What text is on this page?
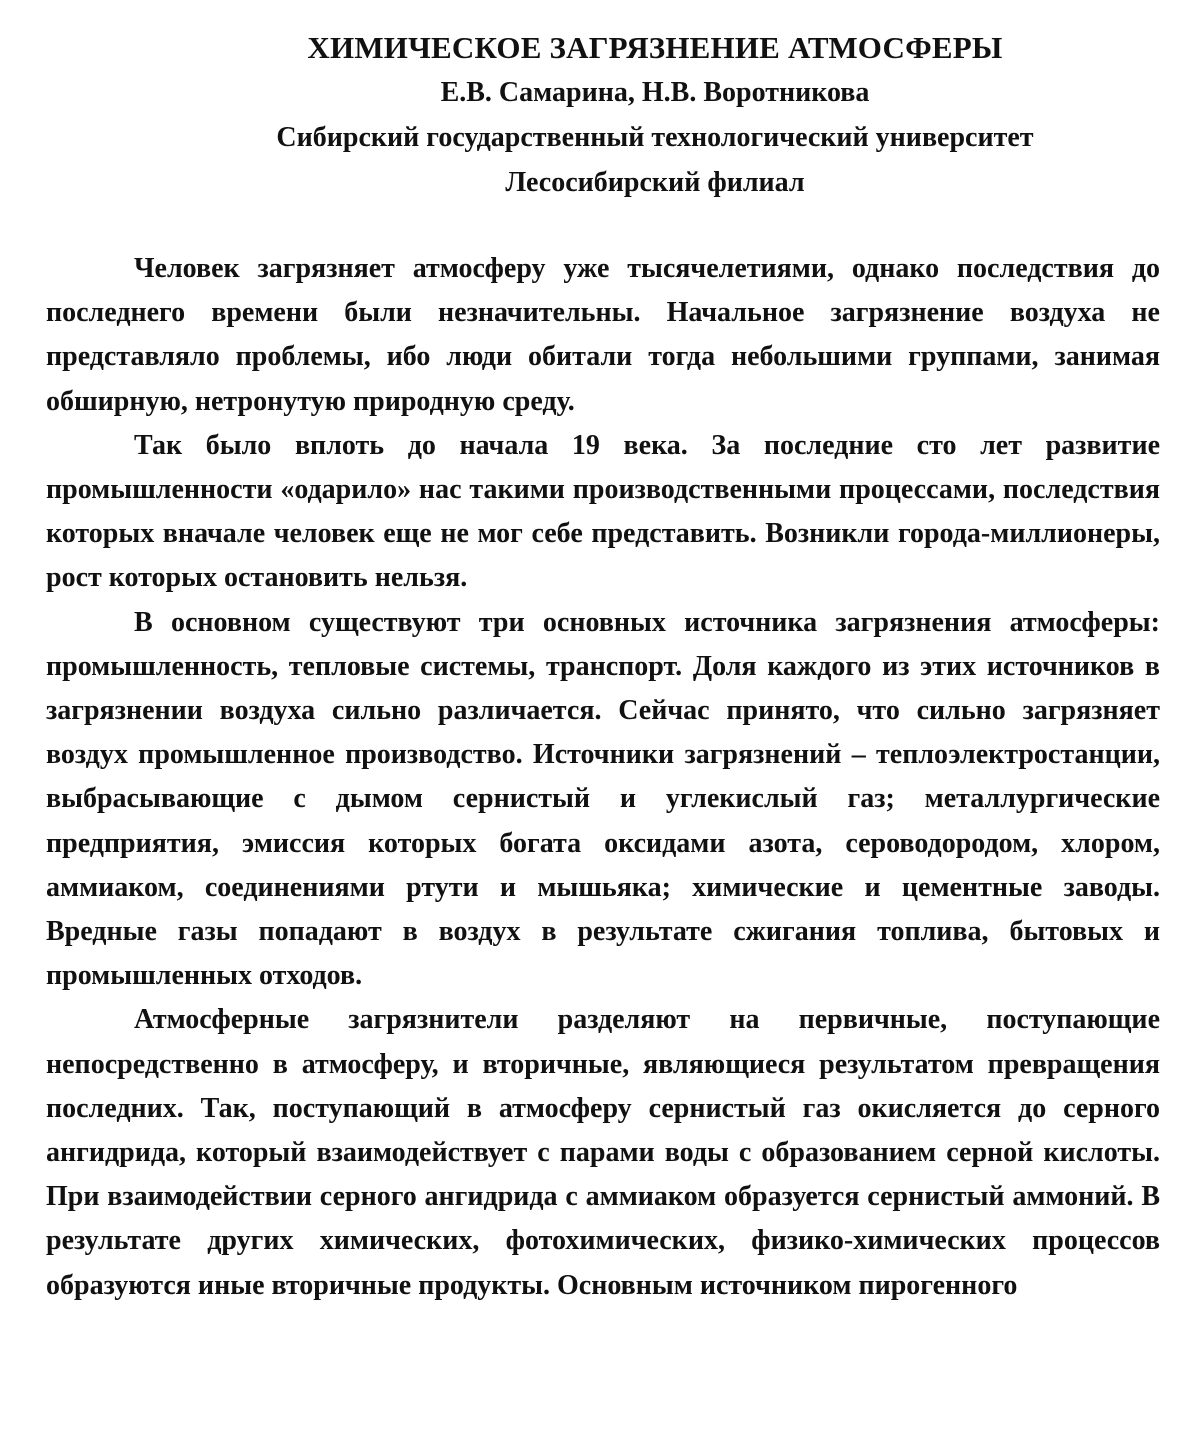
ХИМИЧЕСКОЕ ЗАГРЯЗНЕНИЕ АТМОСФЕРЫ
Е.В. Самарина, Н.В. Воротникова
Сибирский государственный технологический университет
Лесосибирский филиал

Человек загрязняет атмосферу уже тысячелетиями, однако последствия до последнего времени были незначительны. Начальное загрязнение воздуха не представляло проблемы, ибо люди обитали тогда небольшими группами, занимая обширную, нетронутую природную среду.

Так было вплоть до начала 19 века. За последние сто лет развитие промышленности «одарило» нас такими производственными процессами, последствия которых вначале человек еще не мог себе представить. Возникли города-миллионеры, рост которых остановить нельзя.

В основном существуют три основных источника загрязнения атмосферы: промышленность, тепловые системы, транспорт. Доля каждого из этих источников в загрязнении воздуха сильно различается. Сейчас принято, что сильно загрязняет воздух промышленное производство. Источники загрязнений – теплоэлектростанции, выбрасывающие с дымом сернистый и углекислый газ; металлургические предприятия, эмиссия которых богата оксидами азота, сероводородом, хлором, аммиаком, соединениями ртути и мышьяка; химические и цементные заводы. Вредные газы попадают в воздух в результате сжигания топлива, бытовых и промышленных отходов.

Атмосферные загрязнители разделяют на первичные, поступающие непосредственно в атмосферу, и вторичные, являющиеся результатом превращения последних. Так, поступающий в атмосферу сернистый газ окисляется до серного ангидрида, который взаимодействует с парами воды с образованием серной кислоты. При взаимодействии серного ангидрида с аммиаком образуется сернистый аммоний. В результате других химических, фотохимических, физико-химических процессов образуются иные вторичные продукты. Основным источником пирогенного
